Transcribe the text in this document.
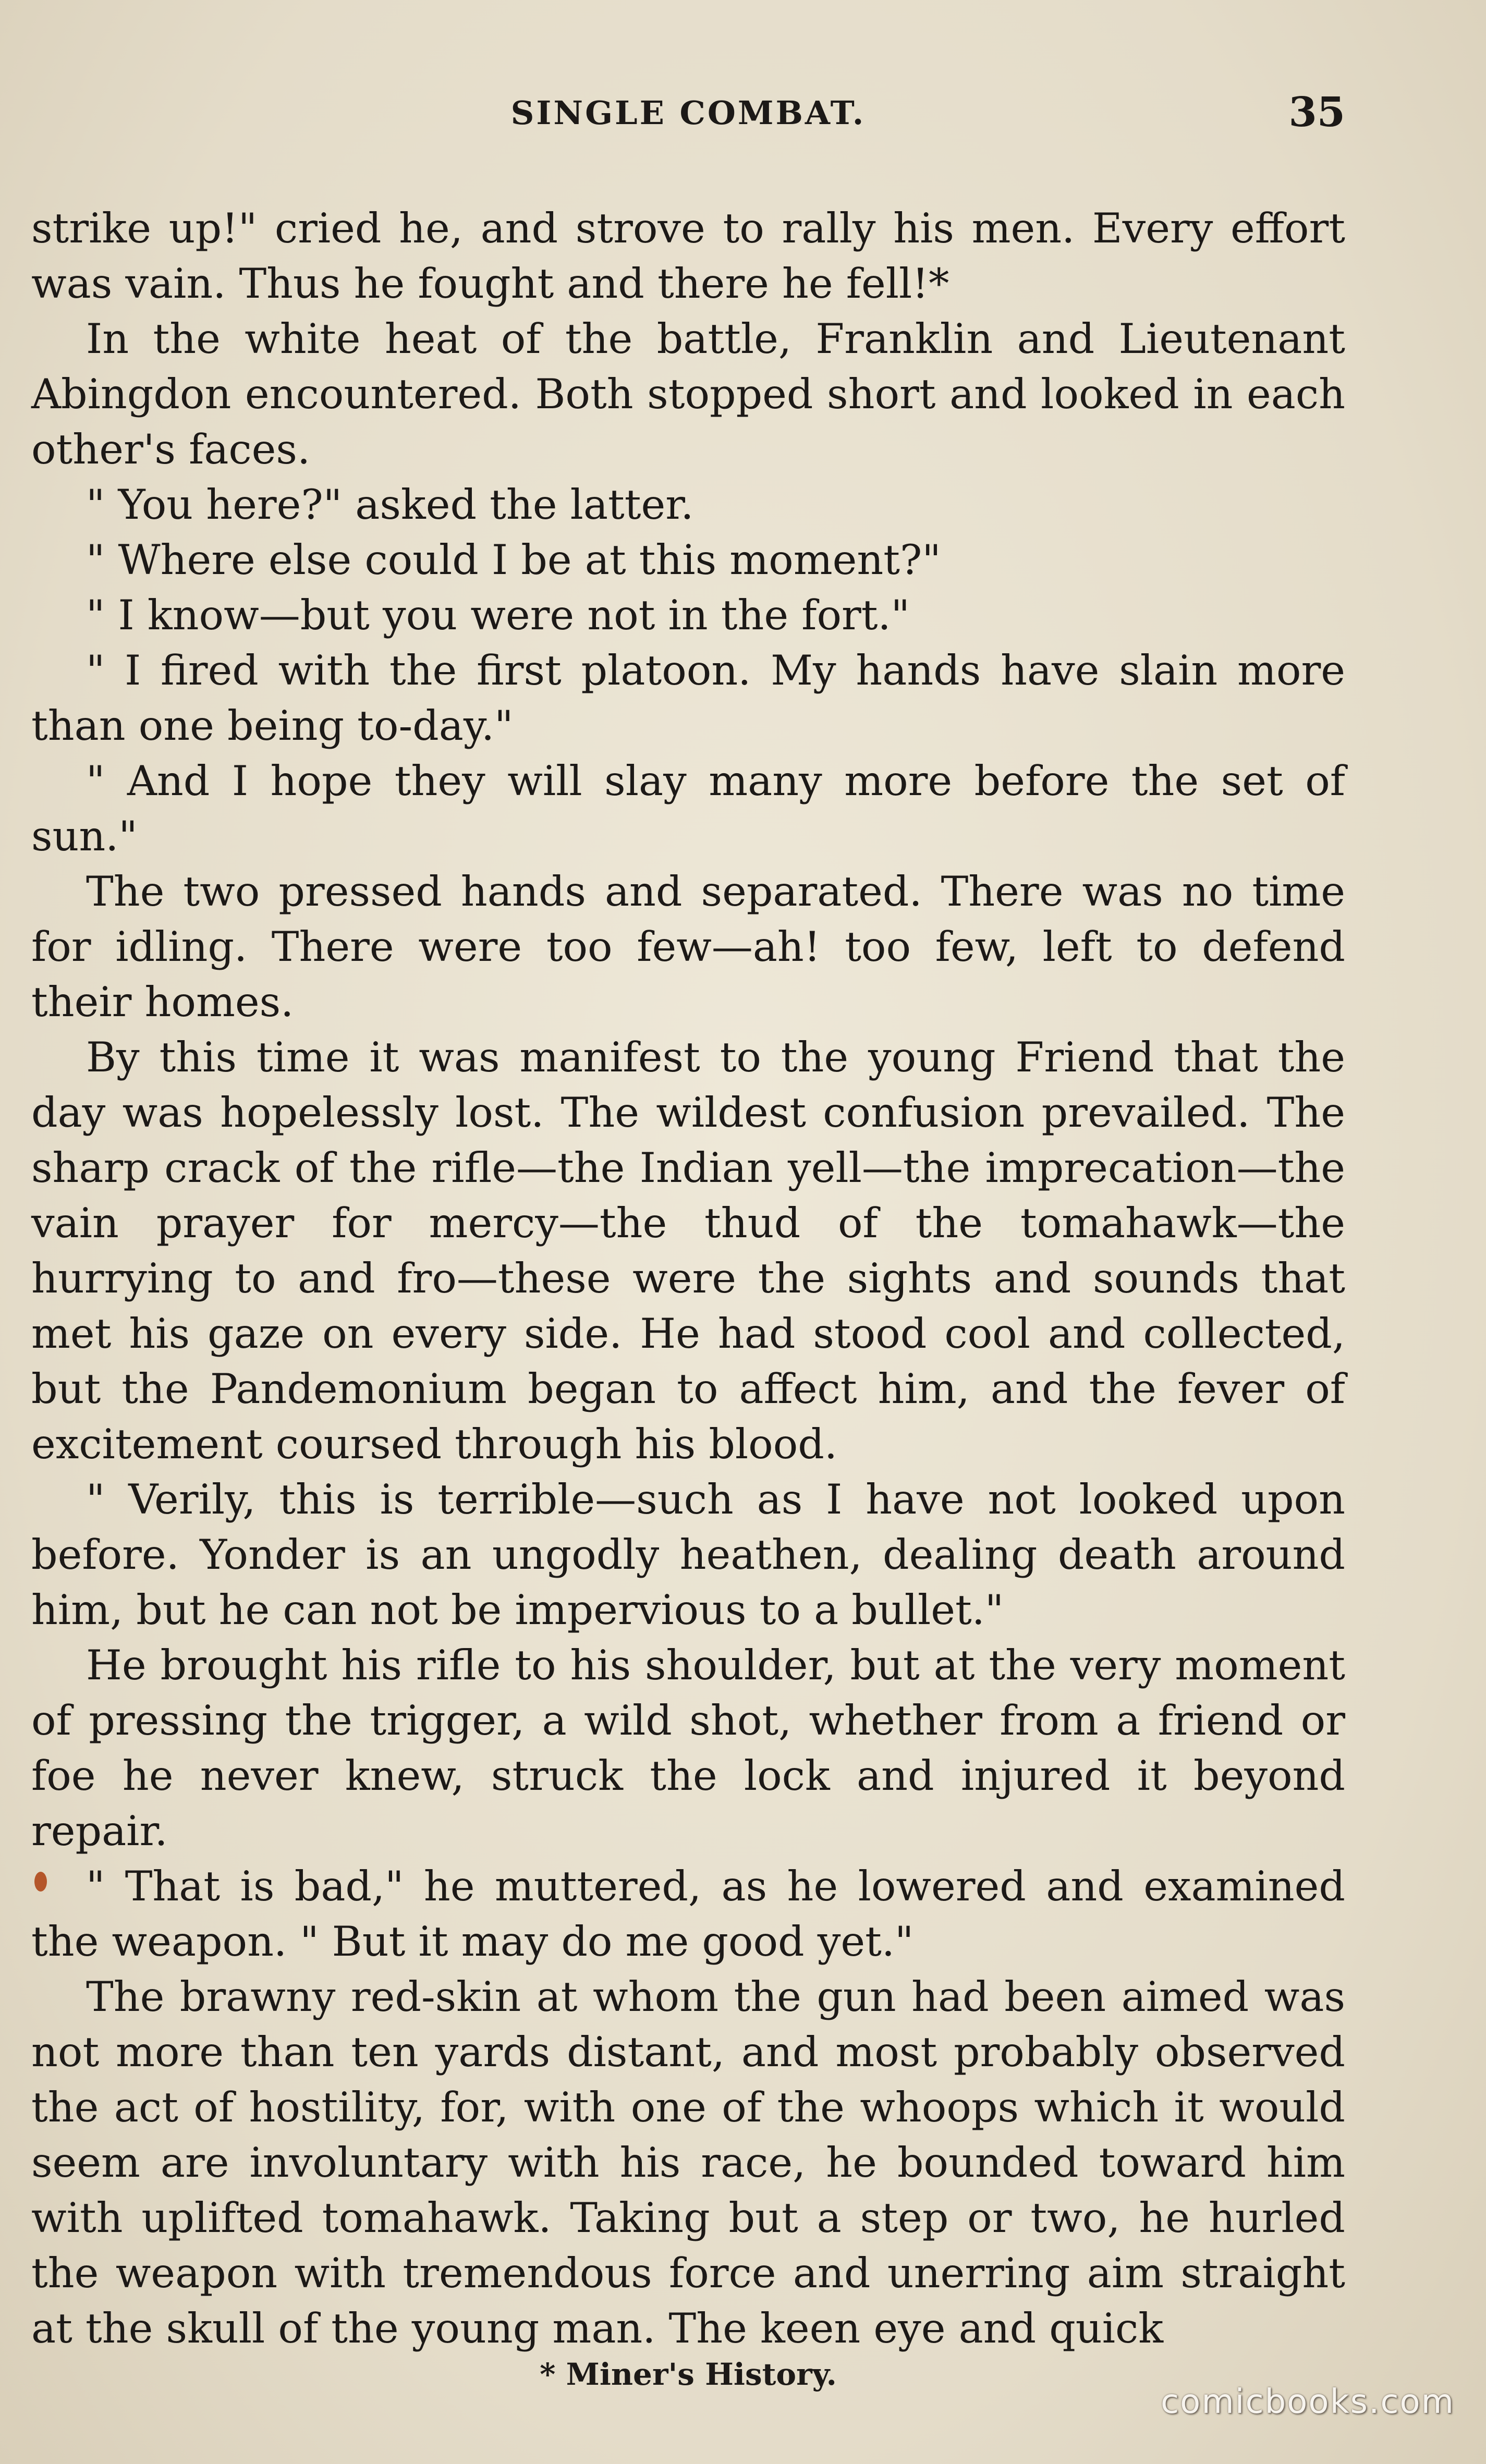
SINGLE COMBAT.	35

strike up!" cried he, and strove to rally his men. Every effort was vain. Thus he fought and there he fell!*

In the white heat of the battle, Franklin and Lieutenant Abingdon encountered. Both stopped short and looked in each other's faces.

" You here?" asked the latter.

" Where else could I be at this moment?"

" I know—but you were not in the fort."

" I fired with the first platoon. My hands have slain more than one being to-day."

" And I hope they will slay many more before the set of sun."

The two pressed hands and separated. There was no time for idling. There were too few—ah! too few, left to defend their homes.

By this time it was manifest to the young Friend that the day was hopelessly lost. The wildest confusion prevailed. The sharp crack of the rifle—the Indian yell—the imprecation—the vain prayer for mercy—the thud of the tomahawk—the hurrying to and fro—these were the sights and sounds that met his gaze on every side. He had stood cool and collected, but the Pandemonium began to affect him, and the fever of excitement coursed through his blood.

" Verily, this is terrible—such as I have not looked upon before. Yonder is an ungodly heathen, dealing death around him, but he can not be impervious to a bullet."

He brought his rifle to his shoulder, but at the very moment of pressing the trigger, a wild shot, whether from a friend or foe he never knew, struck the lock and injured it beyond repair.

" That is bad," he muttered, as he lowered and examined the weapon. " But it may do me good yet."

The brawny red-skin at whom the gun had been aimed was not more than ten yards distant, and most probably observed the act of hostility, for, with one of the whoops which it would seem are involuntary with his race, he bounded toward him with uplifted tomahawk. Taking but a step or two, he hurled the weapon with tremendous force and unerring aim straight at the skull of the young man. The keen eye and quick

* Miner's History.
comicbooks.com
